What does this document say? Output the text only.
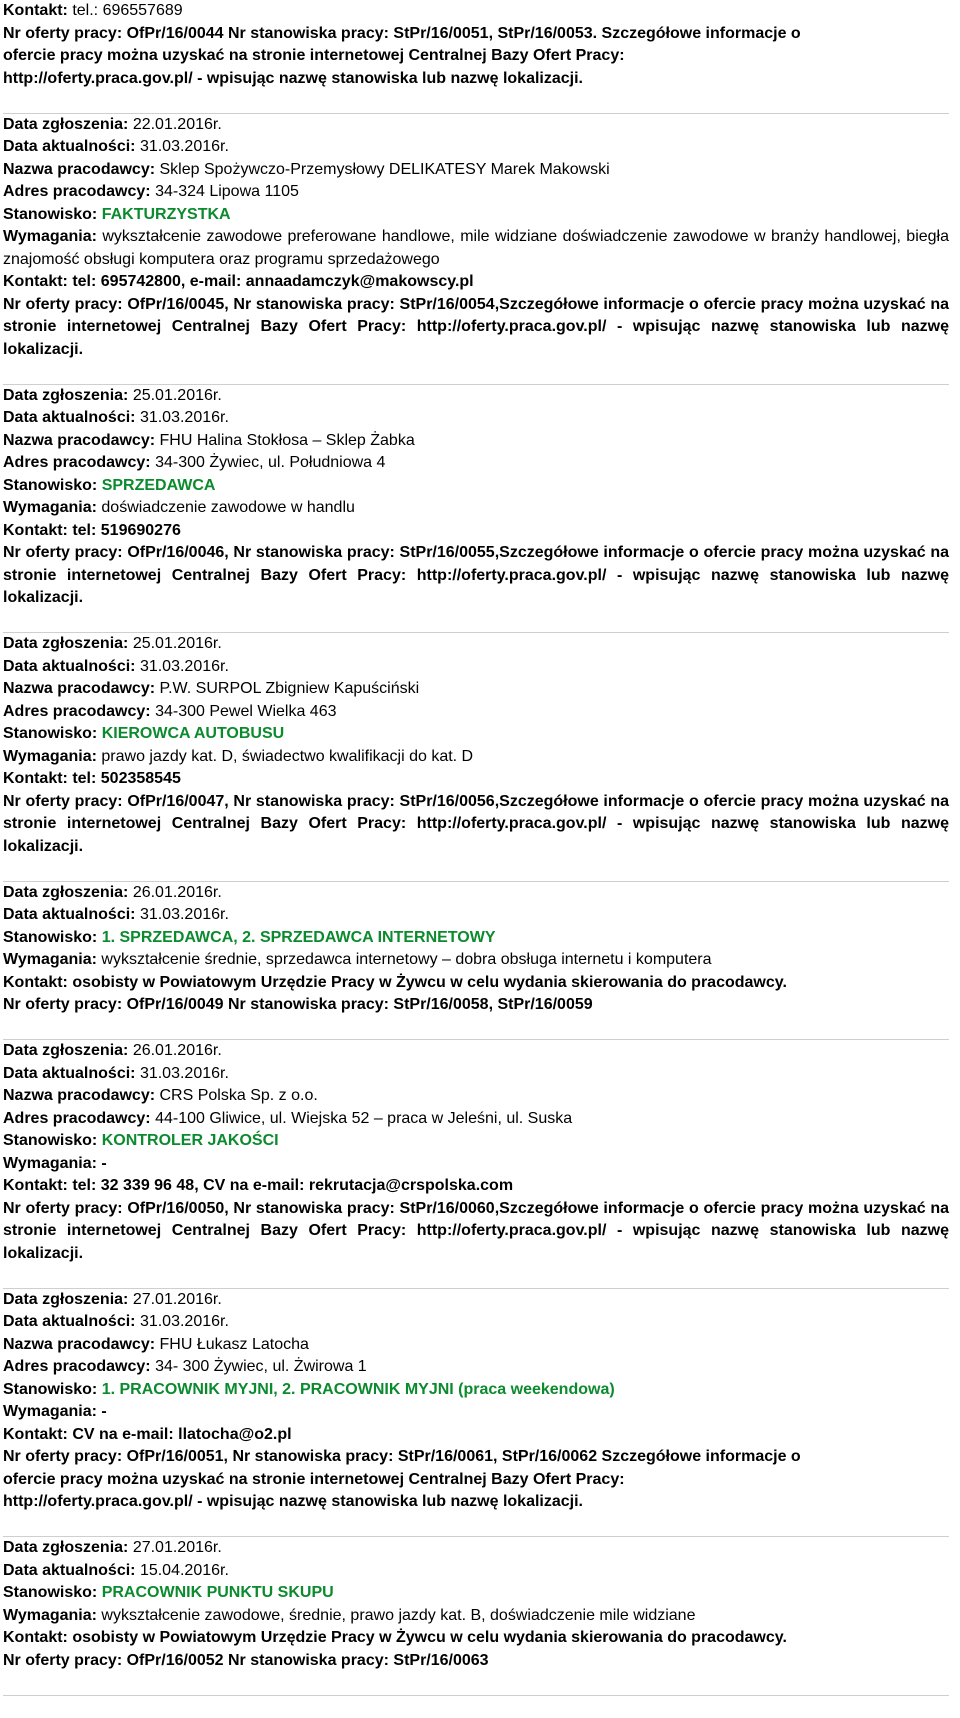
Kontakt: tel.: 696557689
Nr oferty pracy: OfPr/16/0044 Nr stanowiska pracy: StPr/16/0051, StPr/16/0053. Szczegółowe informacje o
ofercie pracy można uzyskać na stronie internetowej Centralnej Bazy Ofert Pracy:
http://oferty.praca.gov.pl/ - wpisując nazwę stanowiska lub nazwę lokalizacji.
Data zgłoszenia: 22.01.2016r.
Data aktualności: 31.03.2016r.
Nazwa pracodawcy: Sklep Spożywczo-Przemysłowy DELIKATESY Marek Makowski
Adres pracodawcy: 34-324 Lipowa 1105
Stanowisko: FAKTURZYSTKA
Wymagania: wykształcenie zawodowe preferowane handlowe, mile widziane doświadczenie zawodowe w branży handlowej, biegła znajomość obsługi komputera oraz programu sprzedażowego
Kontakt: tel: 695742800, e-mail: annaadamczyk@makowscy.pl
Nr oferty pracy: OfPr/16/0045, Nr stanowiska pracy: StPr/16/0054,Szczegółowe informacje o ofercie pracy można uzyskać na stronie internetowej Centralnej Bazy Ofert Pracy: http://oferty.praca.gov.pl/ - wpisując nazwę stanowiska lub nazwę lokalizacji.
Data zgłoszenia: 25.01.2016r.
Data aktualności: 31.03.2016r.
Nazwa pracodawcy: FHU Halina Stokłosa – Sklep Żabka
Adres pracodawcy: 34-300 Żywiec, ul. Południowa 4
Stanowisko: SPRZEDAWCA
Wymagania: doświadczenie zawodowe w handlu
Kontakt: tel: 519690276
Nr oferty pracy: OfPr/16/0046, Nr stanowiska pracy: StPr/16/0055,Szczegółowe informacje o ofercie pracy można uzyskać na stronie internetowej Centralnej Bazy Ofert Pracy: http://oferty.praca.gov.pl/ - wpisując nazwę stanowiska lub nazwę lokalizacji.
Data zgłoszenia: 25.01.2016r.
Data aktualności: 31.03.2016r.
Nazwa pracodawcy: P.W. SURPOL Zbigniew Kapuściński
Adres pracodawcy: 34-300 Pewel Wielka 463
Stanowisko: KIEROWCA AUTOBUSU
Wymagania: prawo jazdy kat. D, świadectwo kwalifikacji do kat. D
Kontakt: tel: 502358545
Nr oferty pracy: OfPr/16/0047, Nr stanowiska pracy: StPr/16/0056,Szczegółowe informacje o ofercie pracy można uzyskać na stronie internetowej Centralnej Bazy Ofert Pracy: http://oferty.praca.gov.pl/ - wpisując nazwę stanowiska lub nazwę lokalizacji.
Data zgłoszenia: 26.01.2016r.
Data aktualności: 31.03.2016r.
Stanowisko: 1. SPRZEDAWCA, 2. SPRZEDAWCA INTERNETOWY
Wymagania: wykształcenie średnie, sprzedawca internetowy – dobra obsługa internetu i komputera
Kontakt: osobisty w Powiatowym Urzędzie Pracy w Żywcu w celu wydania skierowania do pracodawcy.
Nr oferty pracy: OfPr/16/0049 Nr stanowiska pracy: StPr/16/0058, StPr/16/0059
Data zgłoszenia: 26.01.2016r.
Data aktualności: 31.03.2016r.
Nazwa pracodawcy: CRS Polska Sp. z o.o.
Adres pracodawcy: 44-100 Gliwice, ul. Wiejska 52 – praca w Jeleśni, ul. Suska
Stanowisko: KONTROLER JAKOŚCI
Wymagania: -
Kontakt: tel: 32 339 96 48, CV na e-mail: rekrutacja@crspolska.com
Nr oferty pracy: OfPr/16/0050, Nr stanowiska pracy: StPr/16/0060,Szczegółowe informacje o ofercie pracy można uzyskać na stronie internetowej Centralnej Bazy Ofert Pracy: http://oferty.praca.gov.pl/ - wpisując nazwę stanowiska lub nazwę lokalizacji.
Data zgłoszenia: 27.01.2016r.
Data aktualności: 31.03.2016r.
Nazwa pracodawcy: FHU Łukasz Latocha
Adres pracodawcy: 34- 300 Żywiec, ul. Żwirowa 1
Stanowisko: 1. PRACOWNIK MYJNI, 2. PRACOWNIK MYJNI (praca weekendowa)
Wymagania: -
Kontakt: CV na e-mail: llatocha@o2.pl
Nr oferty pracy: OfPr/16/0051, Nr stanowiska pracy: StPr/16/0061, StPr/16/0062 Szczegółowe informacje o
ofercie pracy można uzyskać na stronie internetowej Centralnej Bazy Ofert Pracy:
http://oferty.praca.gov.pl/ - wpisując nazwę stanowiska lub nazwę lokalizacji.
Data zgłoszenia: 27.01.2016r.
Data aktualności: 15.04.2016r.
Stanowisko: PRACOWNIK PUNKTU SKUPU
Wymagania: wykształcenie zawodowe, średnie, prawo jazdy kat. B, doświadczenie mile widziane
Kontakt: osobisty w Powiatowym Urzędzie Pracy w Żywcu w celu wydania skierowania do pracodawcy.
Nr oferty pracy: OfPr/16/0052 Nr stanowiska pracy: StPr/16/0063
